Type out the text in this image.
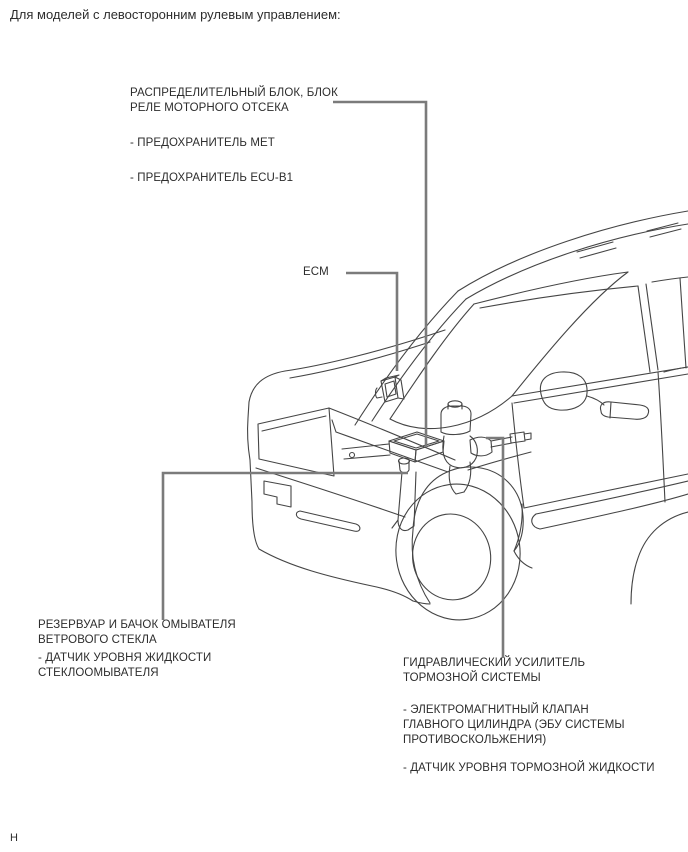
Для моделей с левосторонним рулевым управлением:
РАСПРЕДЕЛИТЕЛЬНЫЙ БЛОК, БЛОК
РЕЛЕ МОТОРНОГО ОТСЕКА
- ПРЕДОХРАНИТЕЛЬ MET
- ПРЕДОХРАНИТЕЛЬ ECU-B1
ECM
РЕЗЕРВУАР И БАЧОК ОМЫВАТЕЛЯ
ВЕТРОВОГО СТЕКЛА
- ДАТЧИК УРОВНЯ ЖИДКОСТИ
СТЕКЛООМЫВАТЕЛЯ
ГИДРАВЛИЧЕСКИЙ УСИЛИТЕЛЬ
ТОРМОЗНОЙ СИСТЕМЫ
- ЭЛЕКТРОМАГНИТНЫЙ КЛАПАН
ГЛАВНОГО ЦИЛИНДРА (ЭБУ СИСТЕМЫ
ПРОТИВОСКОЛЬЖЕНИЯ)
- ДАТЧИК УРОВНЯ ТОРМОЗНОЙ ЖИДКОСТИ
Н
